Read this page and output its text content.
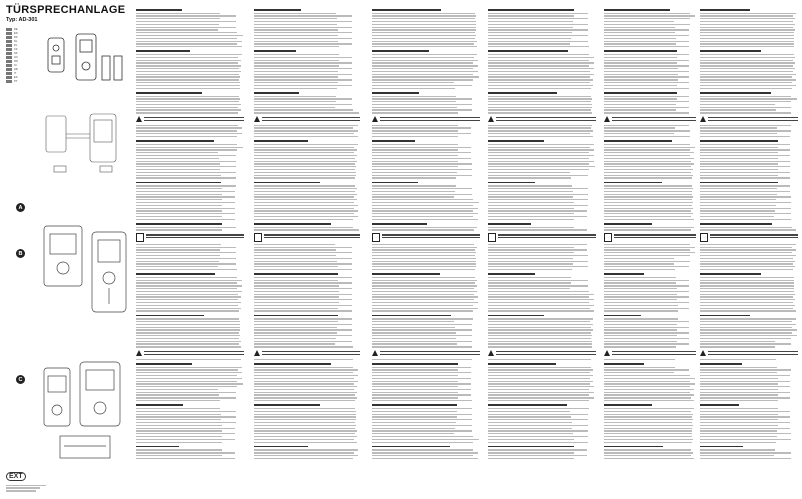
TÜRSPRECHANLAGE
Typ: AD-301
DE
EN
FR
NL
PL
CZ
SK
HU
RO
SI
HR
IT
ES
PT
A
B
C
EXT
